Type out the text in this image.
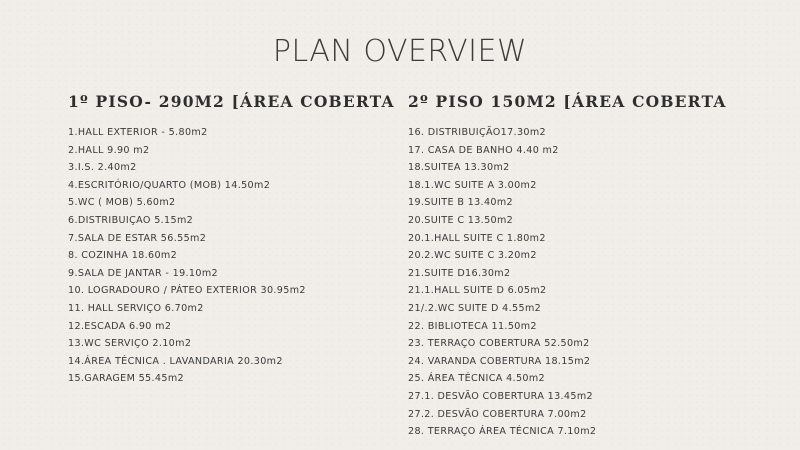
PLAN OVERVIEW
1º PISO- 290M2 [ÁREA COBERTA
1.HALL EXTERIOR - 5.80m2
2.HALL 9.90 m2
3.I.S. 2.40m2
4.ESCRITÓRIO/QUARTO (MOB) 14.50m2
5.WC ( MOB) 5.60m2
6.DISTRIBUIÇAO 5.15m2
7.SALA DE ESTAR 56.55m2
8. COZINHA 18.60m2
9.SALA DE JANTAR - 19.10m2
10. LOGRADOURO / PÁTEO EXTERIOR 30.95m2
11. HALL SERVIÇO 6.70m2
12.ESCADA 6.90 m2
13.WC SERVIÇO 2.10m2
14.ÁREA TÉCNICA . LAVANDARIA 20.30m2
15.GARAGEM 55.45m2
2º PISO 150M2 [ÁREA COBERTA
16. DISTRIBUIÇÃO17.30m2
17. CASA DE BANHO 4.40 m2
18.SUITEA 13.30m2
18.1.WC SUITE A 3.00m2
19.SUITE B 13.40m2
20.SUITE C 13.50m2
20.1.HALL SUITE C 1.80m2
20.2.WC SUITE C 3.20m2
21.SUITE D16.30m2
21.1.HALL SUITE D 6.05m2
21/.2.WC SUITE D 4.55m2
22. BIBLIOTECA 11.50m2
23. TERRAÇO COBERTURA 52.50m2
24. VARANDA COBERTURA 18.15m2
25. ÁREA TÉCNICA 4.50m2
27.1. DESVÃO COBERTURA 13.45m2
27.2. DESVÃO COBERTURA 7.00m2
28. TERRAÇO ÁREA TÉCNICA 7.10m2
